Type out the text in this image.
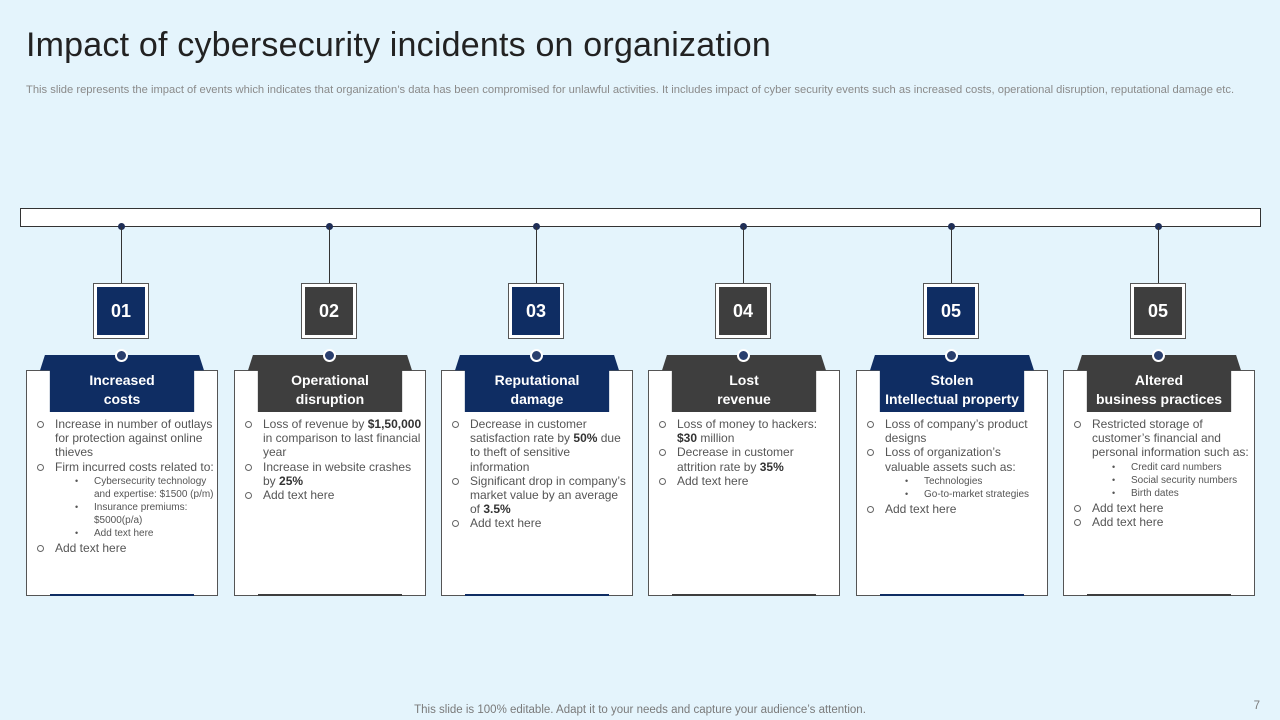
Impact of cybersecurity incidents on organization

This slide represents the impact of events which indicates that organization’s data has been compromised for unlawful activities. It includes impact of cyber security events such as increased costs, operational disruption, reputational damage etc.

01
Increased
costs
Increase in number of outlays for protection against online thieves
Firm incurred costs related to:
• Cybersecurity technology and expertise: $1500 (p/m)
• Insurance premiums: $5000(p/a)
• Add text here
Add text here
02
Operational
disruption
Loss of revenue by $1,50,000 in comparison to last financial year
Increase in website crashes by 25%
Add text here
03
Reputational
damage
Decrease in customer satisfaction rate by 50% due to theft of sensitive information
Significant drop in company’s market value by an average of 3.5%
Add text here
04
Lost
revenue
Loss of money to hackers: $30 million
Decrease in customer attrition rate by 35%
Add text here
05
Stolen
Intellectual property
Loss of company’s product designs
Loss of organization’s valuable assets such as:
• Technologies
• Go-to-market strategies
Add text here
05
Altered
business practices
Restricted storage of customer’s financial and personal information such as:
• Credit card numbers
• Social security numbers
• Birth dates
Add text here
Add text here
This slide is 100% editable. Adapt it to your needs and capture your audience’s attention.	7
